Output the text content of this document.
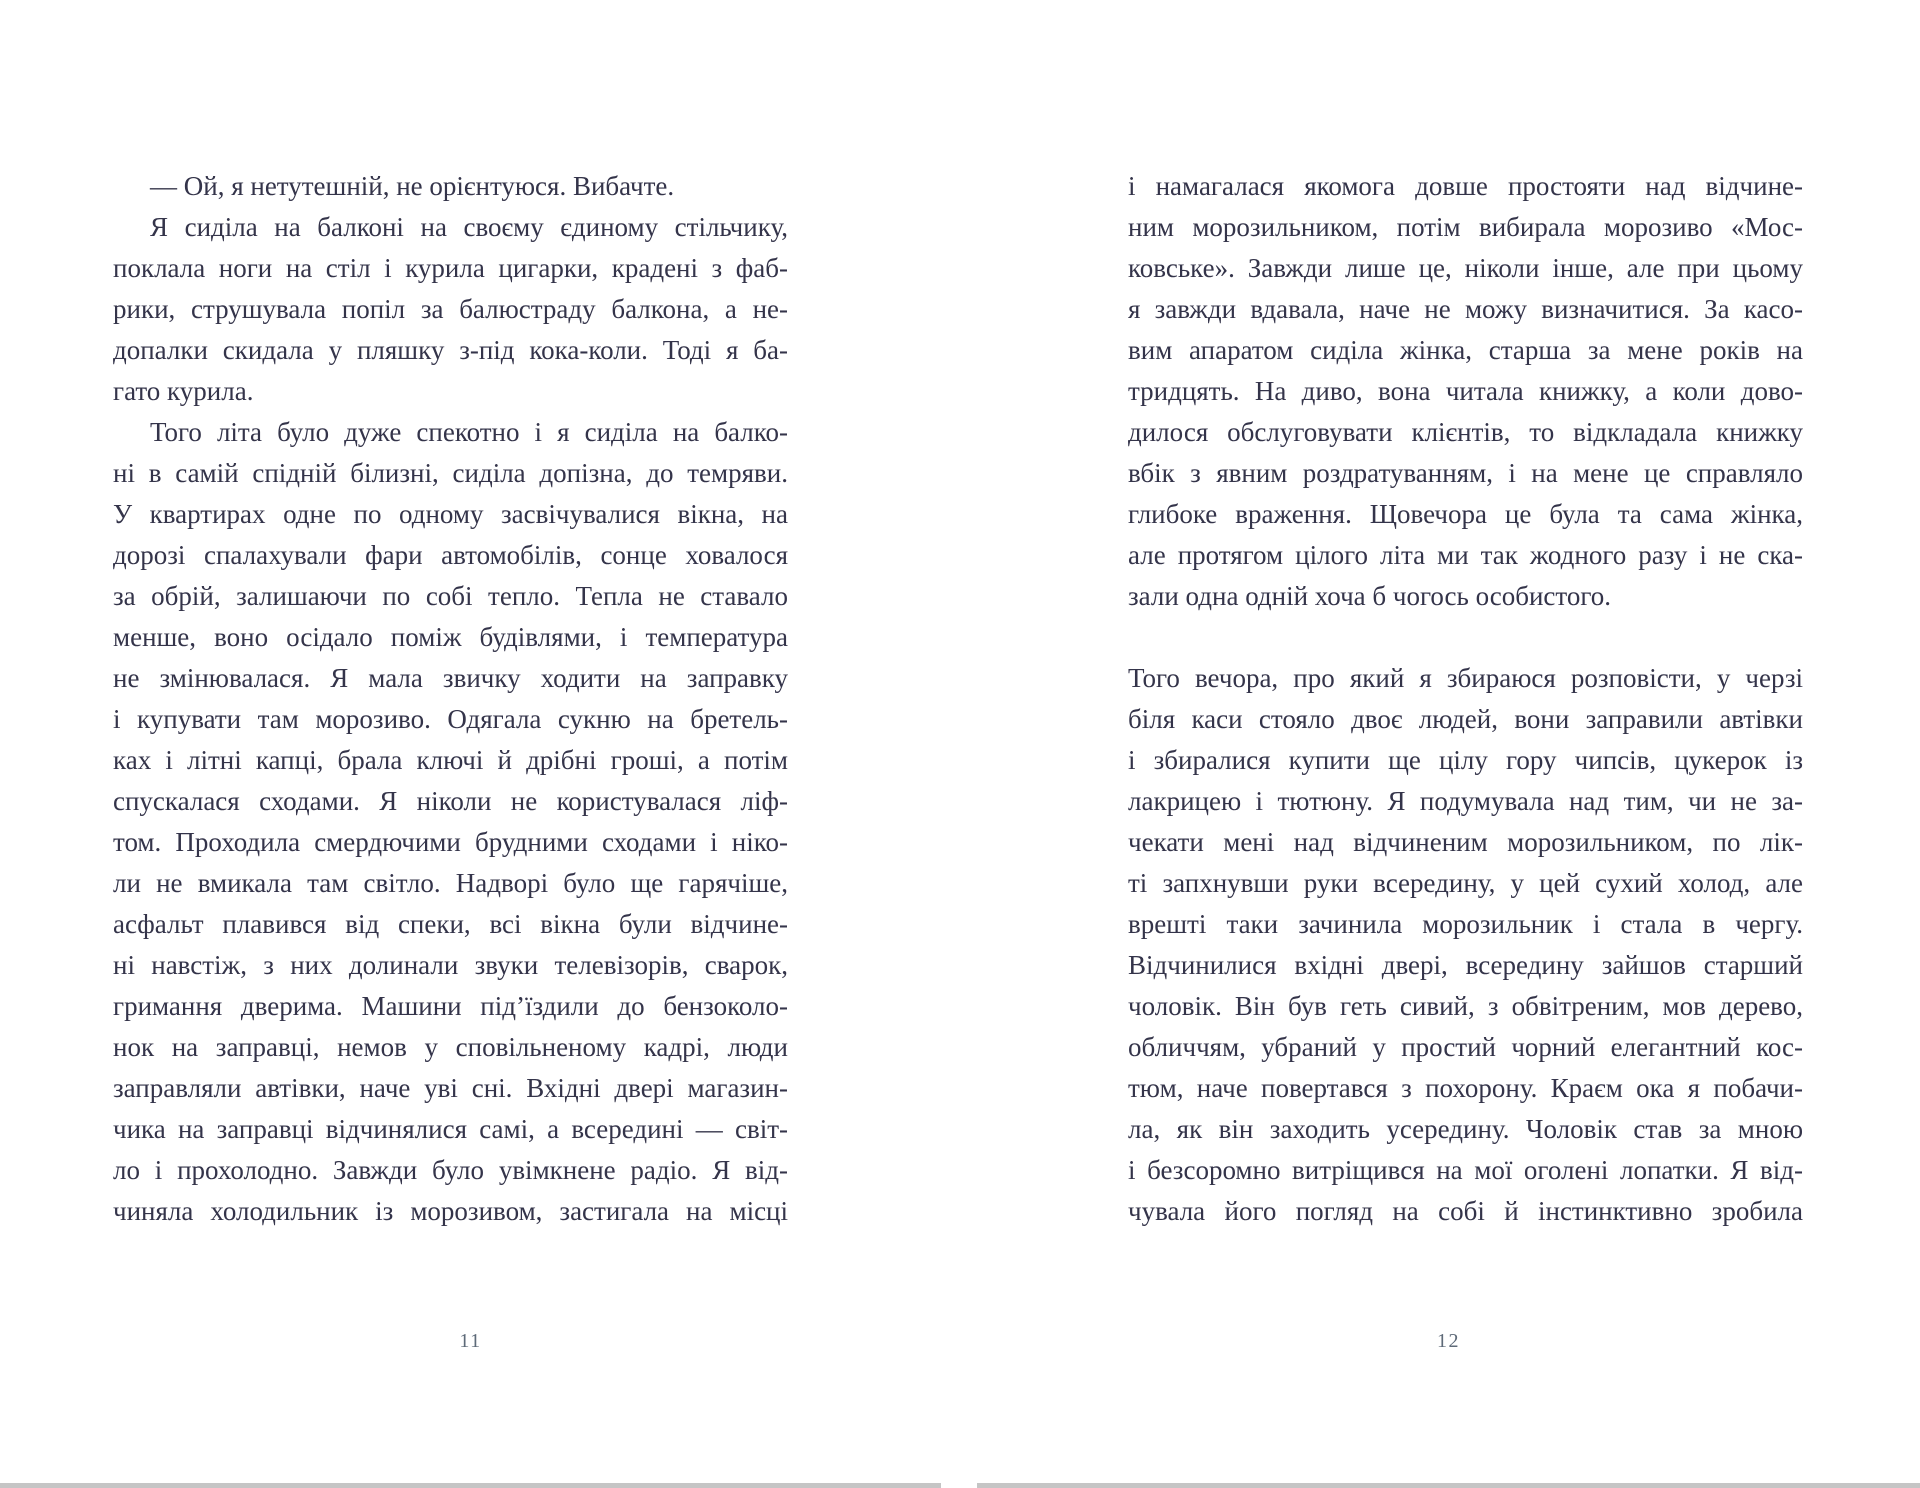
— Ой, я нетутешній, не орієнтуюся. Вибачте.
Я сиділа на балконі на своєму єдиному стільчику,
поклала ноги на стіл і курила цигарки, крадені з фаб-
рики, струшувала попіл за балюстраду балкона, а не-
допалки скидала у пляшку з-під кока-коли. Тоді я ба-
гато курила.
Того літа було дуже спекотно і я сиділа на балко-
ні в самій спідній білизні, сиділа допізна, до темряви.
У квартирах одне по одному засвічувалися вікна, на
дорозі спалахували фари автомобілів, сонце ховалося
за обрій, залишаючи по собі тепло. Тепла не ставало
менше, воно осідало поміж будівлями, і температура
не змінювалася. Я мала звичку ходити на заправку
і купувати там морозиво. Одягала сукню на бретель-
ках і літні капці, брала ключі й дрібні гроші, а потім
спускалася сходами. Я ніколи не користувалася ліф-
том. Проходила смердючими брудними сходами і ніко-
ли не вмикала там світло. Надворі було ще гарячіше,
асфальт плавився від спеки, всі вікна були відчине-
ні навстіж, з них долинали звуки телевізорів, сварок,
гримання дверима. Машини під’їздили до бензоколо-
нок на заправці, немов у сповільненому кадрі, люди
заправляли автівки, наче уві сні. Вхідні двері магазин-
чика на заправці відчинялися самі, а всередині — світ-
ло і прохолодно. Завжди було увімкнене радіо. Я від-
чиняла холодильник із морозивом, застигала на місці
11
і намагалася якомога довше простояти над відчине-
ним морозильником, потім вибирала морозиво «Мос-
ковське». Завжди лише це, ніколи інше, але при цьому
я завжди вдавала, наче не можу визначитися. За касо-
вим апаратом сиділа жінка, старша за мене років на
тридцять. На диво, вона читала книжку, а коли дово-
дилося обслуговувати клієнтів, то відкладала книжку
вбік з явним роздратуванням, і на мене це справляло
глибоке враження. Щовечора це була та сама жінка,
але протягом цілого літа ми так жодного разу і не ска-
зали одна одній хоча б чогось особистого.
Того вечора, про який я збираюся розповісти, у черзі
біля каси стояло двоє людей, вони заправили автівки
і збиралися купити ще цілу гору чипсів, цукерок із
лакрицею і тютюну. Я подумувала над тим, чи не за-
чекати мені над відчиненим морозильником, по лік-
ті запхнувши руки всередину, у цей сухий холод, але
врешті таки зачинила морозильник і стала в чергу.
Відчинилися вхідні двері, всередину зайшов старший
чоловік. Він був геть сивий, з обвітреним, мов дерево,
обличчям, убраний у простий чорний елегантний кос-
тюм, наче повертався з похорону. Краєм ока я побачи-
ла, як він заходить усередину. Чоловік став за мною
і безсоромно витріщився на мої оголені лопатки. Я від-
чувала його погляд на собі й інстинктивно зробила
12
